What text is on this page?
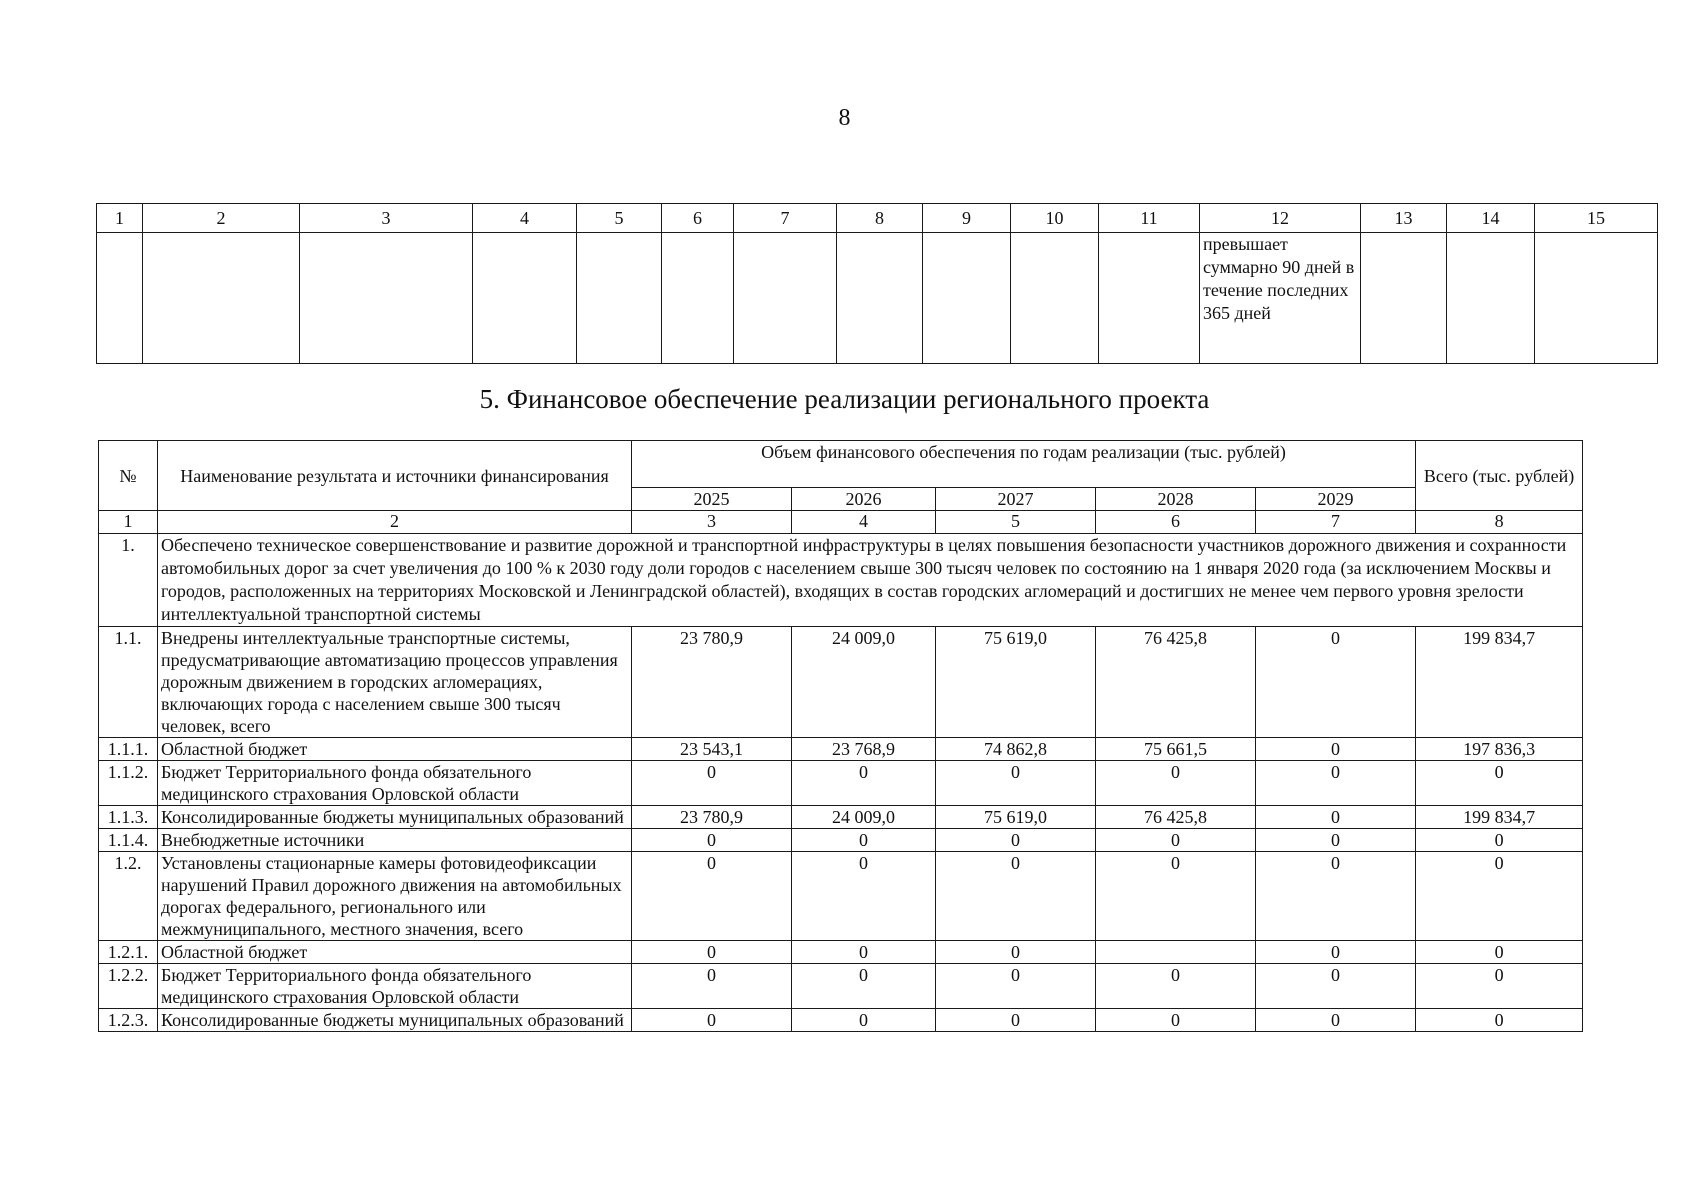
8
1	2	3	4	5	6	7	8	9	10	11	12	13	14	15
											превышает суммарно 90 дней в течение последних 365 дней			
5. Финансовое обеспечение реализации регионального проекта
№	Наименование результата и источники финансирования	Объем финансового обеспечения по годам реализации (тыс. рублей)					Всего (тыс. рублей)
		2025	2026	2027	2028	2029	
1	2	3	4	5	6	7	8
1.	Обеспечено техническое совершенствование и развитие дорожной и транспортной инфраструктуры в целях повышения безопасности участников дорожного движения и сохранности автомобильных дорог за счет увеличения до 100 % к 2030 году доли городов с населением свыше 300 тысяч человек по состоянию на 1 января 2020 года (за исключением Москвы и городов, расположенных на территориях Московской и Ленинградской областей), входящих в состав городских агломераций и достигших не менее чем первого уровня зрелости интеллектуальной транспортной системы						
1.1.	Внедрены интеллектуальные транспортные системы, предусматривающие автоматизацию процессов управления дорожным движением в городских агломерациях, включающих города с населением свыше 300 тысяч человек, всего	23 780,9	24 009,0	75 619,0	76 425,8	0	199 834,7
1.1.1.	Областной бюджет	23 543,1	23 768,9	74 862,8	75 661,5	0	197 836,3
1.1.2.	Бюджет Территориального фонда обязательного медицинского страхования Орловской области	0	0	0	0	0	0
1.1.3.	Консолидированные бюджеты муниципальных образований	23 780,9	24 009,0	75 619,0	76 425,8	0	199 834,7
1.1.4.	Внебюджетные источники	0	0	0	0	0	0
1.2.	Установлены стационарные камеры фотовидеофиксации нарушений Правил дорожного движения на автомобильных дорогах федерального, регионального или межмуниципального, местного значения, всего	0	0	0	0	0	0
1.2.1.	Областной бюджет	0	0	0		0	0
1.2.2.	Бюджет Территориального фонда обязательного медицинского страхования Орловской области	0	0	0	0	0	0
1.2.3.	Консолидированные бюджеты муниципальных образований	0	0	0	0	0	0
